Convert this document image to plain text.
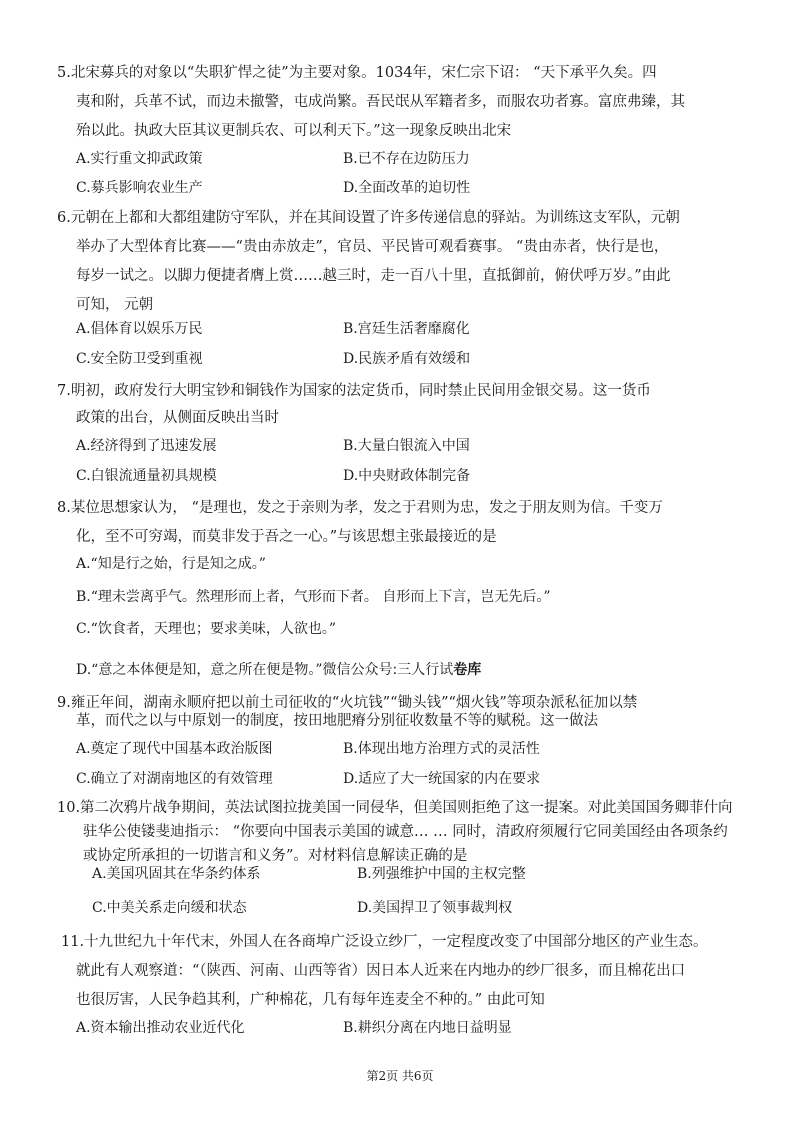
5.北宋募兵的对象以“失职犷悍之徒”为主要对象。1034年，宋仁宗下诏： “天下承平久矣。四
夷和附，兵革不试，而边未撤警，屯成尚繁。吾民氓从军籍者多，而服农功者寡。富庶弗臻，其
殆以此。执政大臣其议更制兵农、可以利天下。”这一现象反映出北宋
A.实行重文抑武政策	B.已不存在边防压力
C.募兵影响农业生产	D.全面改革的迫切性
6.元朝在上都和大都组建防守军队，并在其间设置了许多传递信息的驿站。为训练这支军队，元朝
举办了大型体育比赛——“贵由赤放走”，官员、平民皆可观看赛事。 “贵由赤者，快行是也，
每岁一试之。以脚力便捷者膺上赏……越三时，走一百八十里，直抵御前，俯伏呼万岁。”由此
可知， 元朝
A.倡体育以娱乐万民	B.宫廷生活奢靡腐化
C.安全防卫受到重视	D.民族矛盾有效缓和
7.明初，政府发行大明宝钞和铜钱作为国家的法定货币，同时禁止民间用金银交易。这一货币
政策的出台，从侧面反映出当时
A.经济得到了迅速发展	B.大量白银流入中国
C.白银流通量初具规模	D.中央财政体制完备
8.某位思想家认为， “是理也，发之于亲则为孝，发之于君则为忠，发之于朋友则为信。千变万
化，至不可穷竭，而莫非发于吾之一心。”与该思想主张最接近的是
A.“知是行之始，行是知之成。”
B.“理未尝离乎气。然理形而上者，气形而下者。 自形而上下言，岂无先后。”
C.“饮食者，天理也；要求美味，人欲也。”
D.“意之本体便是知，意之所在便是物。”微信公众号:三人行试卷库
9.雍正年间，湖南永顺府把以前土司征收的“火坑钱”“锄头钱”“烟火钱”等项杂派私征加以禁
革，而代之以与中原划一的制度，按田地肥瘠分别征收数量不等的赋税。这一做法
A.奠定了现代中国基本政治版图	B.体现出地方治理方式的灵活性
C.确立了对湖南地区的有效管理	D.适应了大一统国家的内在要求
10.第二次鸦片战争期间，英法试图拉拢美国一同侵华，但美国则拒绝了这一提案。对此美国国务卿菲什向
驻华公使镂斐迪指示： “你要向中国表示美国的诚意… … 同时，清政府须履行它同美国经由各项条约
或协定所承担的一切谐言和义务”。对材料信息解读正确的是
A.美国巩固其在华条约体系	B.列强维护中国的主权完整
C.中美关系走向缓和状态	D.美国捍卫了领事裁判权
11.十九世纪九十年代末，外国人在各商埠广泛设立纱厂，一定程度改变了中国部分地区的产业生态。
就此有人观察道：“（陕西、河南、山西等省）因日本人近来在内地办的纱厂很多，而且棉花出口
也很厉害，人民争趋其利，广种棉花，几有每年连麦全不种的。” 由此可知
A.资本输出推动农业近代化	B.耕织分离在内地日益明显
第2页 共6页
